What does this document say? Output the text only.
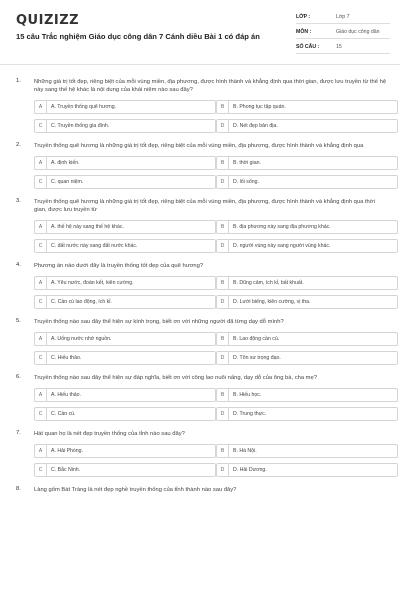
QUIZIZZ
15 câu Trắc nghiệm Giáo dục công dân 7 Cánh diều Bài 1 có đáp án
LỚP :	Lớp 7
MÔN :	Giáo dục công dân
SỐ CÂU :	15
1.	Những giá trị tốt đẹp, riêng biệt của mỗi vùng miền, địa phương, được hình thành và khẳng định qua thời gian, được lưu truyền từ thế hệ này sang thế hệ khác là nội dung của khái niệm nào sau đây?
A	A. Truyền thống quê hương.	B	B. Phong tục tập quán.
C	C. Truyền thống gia đình.	D	D. Nét đẹp bản địa.
2.	Truyền thống quê hương là những giá trị tốt đẹp, riêng biệt của mỗi vùng miền, địa phương, được hình thành và khẳng định qua
A	A. định kiến.	B	B. thời gian.
C	C. quan niệm.	D	D. lối sống.
3.	Truyền thống quê hương là những giá trị tốt đẹp, riêng biệt của mỗi vùng miền, địa phương, được hình thành và khẳng định qua thời gian, được lưu truyền từ
A	A. thế hệ này sang thế hệ khác.	B	B. địa phương này sang địa phương khác.
C	C. đất nước này sang đất nước khác.	D	D. người vùng này sang người vùng khác.
4.	Phương án nào dưới đây là truyền thống tốt đẹp của quê hương?
A	A. Yêu nước, đoàn kết, kiên cường.	B	B. Dũng cảm, ích kỉ, bất khuất.
C	C. Cần cù lao động, ích kỉ.	D	D. Lười biếng, kiên cường, vị tha.
5.	Truyền thống nào sau đây thể hiện sự kính trọng, biết ơn với những người đã từng dạy dỗ mình?
A	A. Uống nước nhớ nguồn.	B	B. Lao động cần cù.
C	C. Hiếu thảo.	D	D. Tôn sư trọng đạo.
6.	Truyền thống nào sau đây thể hiện sự đáp nghĩa, biết ơn với công lao nuôi nấng, dạy dỗ của ông bà, cha mẹ?
A	A. Hiếu thảo.	B	B. Hiếu học.
C	C. Cần cù.	D	D. Trung thực.
7.	Hát quan họ là nét đẹp truyền thống của tỉnh nào sau đây?
A	A. Hải Phòng.	B	B. Hà Nội.
C	C. Bắc Ninh.	D	D. Hải Dương.
8.	Làng gốm Bát Tràng là nét đẹp nghề truyền thống của tỉnh thành nào sau đây?
